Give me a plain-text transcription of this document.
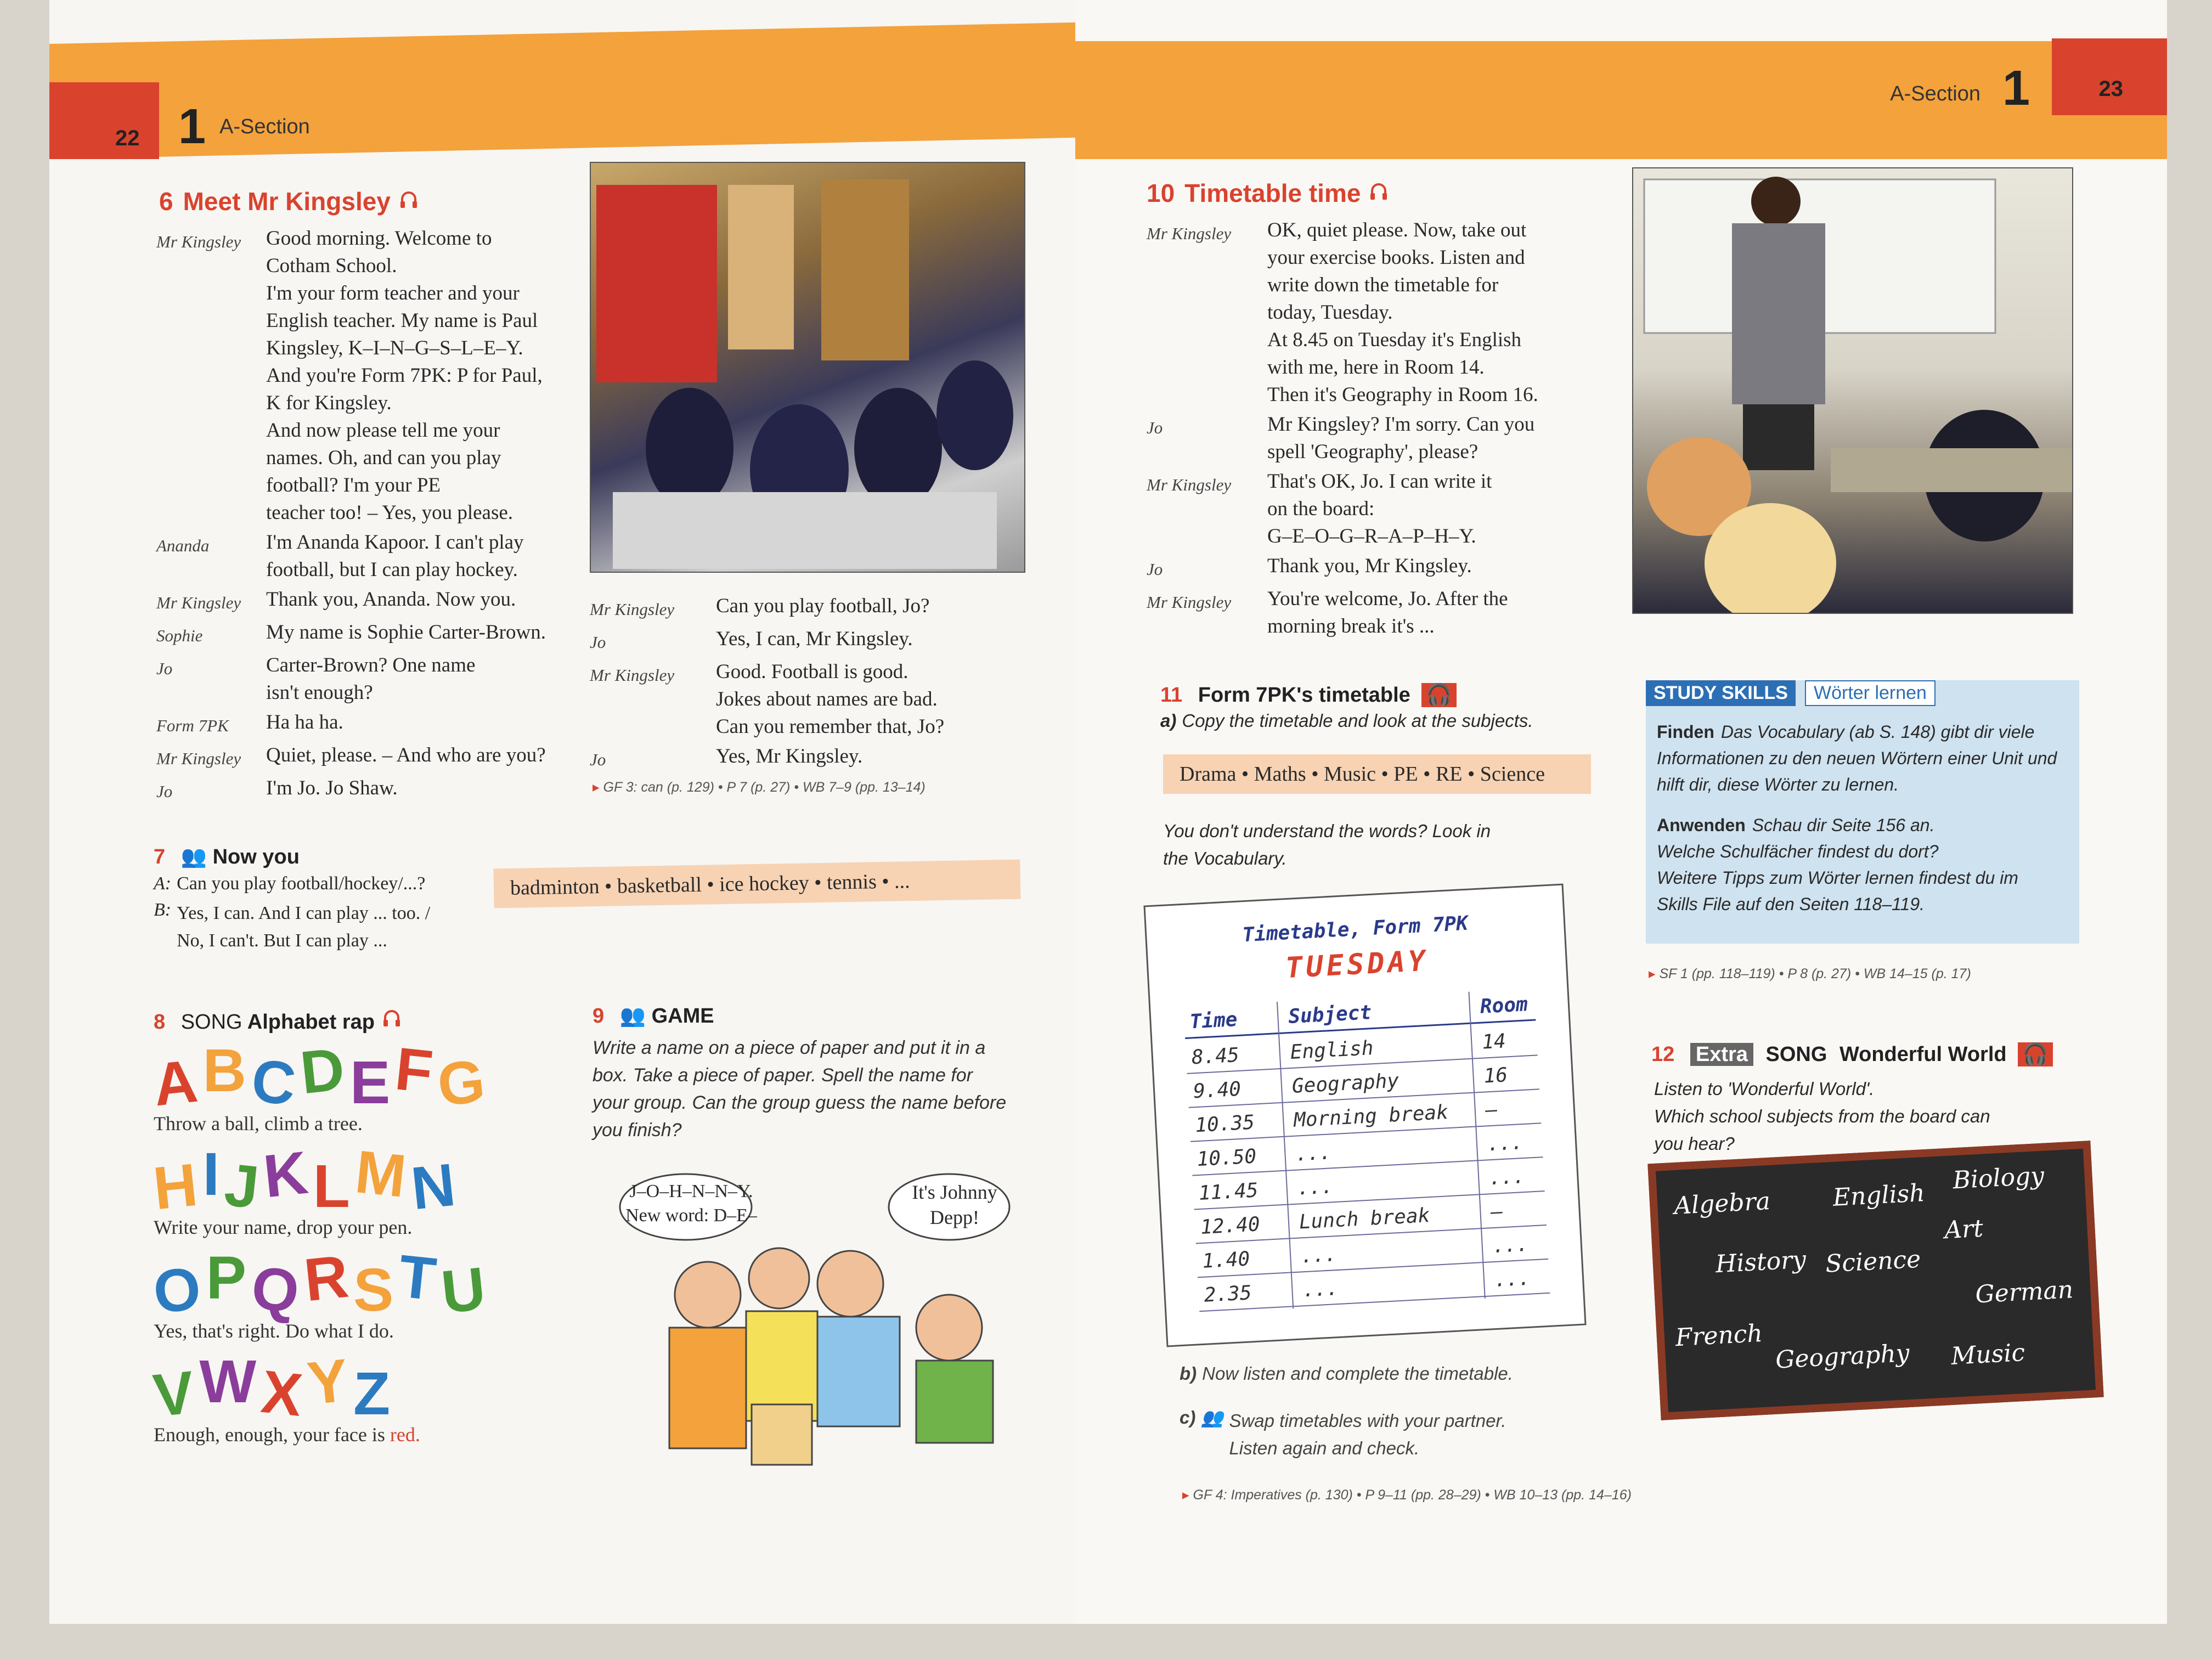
22 1 A-Section
6 Meet Mr Kingsley
Mr Kingsley	Good morning. Welcome to
Cotham School.
I'm your form teacher and your
English teacher. My name is Paul
Kingsley, K–I–N–G–S–L–E–Y.
And you're Form 7PK: P for Paul,
K for Kingsley.
And now please tell me your
names. Oh, and can you play
football? I'm your PE
teacher too! – Yes, you please.
Ananda	I'm Ananda Kapoor. I can't play
football, but I can play hockey.
Mr Kingsley	Thank you, Ananda. Now you.
Sophie	My name is Sophie Carter-Brown.
Jo	Carter-Brown? One name
isn't enough?
Form 7PK	Ha ha ha.
Mr Kingsley	Quiet, please. – And who are you?
Jo	I'm Jo. Jo Shaw.
Mr Kingsley	Can you play football, Jo?
Jo	Yes, I can, Mr Kingsley.
Mr Kingsley	Good. Football is good.
Jokes about names are bad.
Can you remember that, Jo?
Jo	Yes, Mr Kingsley.
▸ GF 3: can (p. 129) • P 7 (p. 27) • WB 7–9 (pp. 13–14)
7 👥 Now you
A: Can you play football/hockey/...?
B: Yes, I can. And I can play ... too. /
No, I can't. But I can play ...
badminton • basketball • ice hockey • tennis • ...
8 SONG Alphabet rap
ABCDEFG
Throw a ball, climb a tree.
HIJKLMN
Write your name, drop your pen.
OPQRSTU
Yes, that's right. Do what I do.
VWXYZ
Enough, enough, your face is red.
9 👥 GAME
Write a name on a piece of paper and put it in a box. Take a piece of paper. Spell the name for your group. Can the group guess the name before you finish?
J–O–H–N–N–Y.
New word: D–E–
It's Johnny
Depp!
23
1
A-Section
10 Timetable time
Mr Kingsley	OK, quiet please. Now, take out
your exercise books. Listen and
write down the timetable for
today, Tuesday.
At 8.45 on Tuesday it's English
with me, here in Room 14.
Then it's Geography in Room 16.
Jo	Mr Kingsley? I'm sorry. Can you
spell 'Geography', please?
Mr Kingsley	That's OK, Jo. I can write it
on the board:
G–E–O–G–R–A–P–H–Y.
Jo	Thank you, Mr Kingsley.
Mr Kingsley	You're welcome, Jo. After the
morning break it's ...
11 Form 7PK's timetable 🎧
a) Copy the timetable and look at the subjects.
Drama • Maths • Music • PE • RE • Science
You don't understand the words? Look in
the Vocabulary.
Timetable, Form 7PK
TUESDAY
Time	Subject	Room
8.45	English	14
9.40	Geography	16
10.35 Morning break –
10.50 ...	...
11.45 ...	...
12.40 Lunch break	–
1.40	...	...
2.35	...	...
b) Now listen and complete the timetable.
c) 👥 Swap timetables with your partner.
Listen again and check.
▸ GF 4: Imperatives (p. 130) • P 9–11 (pp. 28–29) • WB 10–13 (pp. 14–16)
STUDY SKILLS	Wörter lernen
Finden Das Vocabulary (ab S. 148) gibt dir viele Informationen zu den neuen Wörtern einer Unit und hilft dir, diese Wörter zu lernen.
Anwenden Schau dir Seite 156 an.
Welche Schulfächer findest du dort?
Weitere Tipps zum Wörter lernen findest du im
Skills File auf den Seiten 118–119.
▸ SF 1 (pp. 118–119) • P 8 (p. 27) • WB 14–15 (p. 17)
12 Extra SONG Wonderful World 🎧
Listen to 'Wonderful World'.
Which school subjects from the board can
you hear?
Algebra	English
Biology
History Science
Art
French
German
Geography Music
